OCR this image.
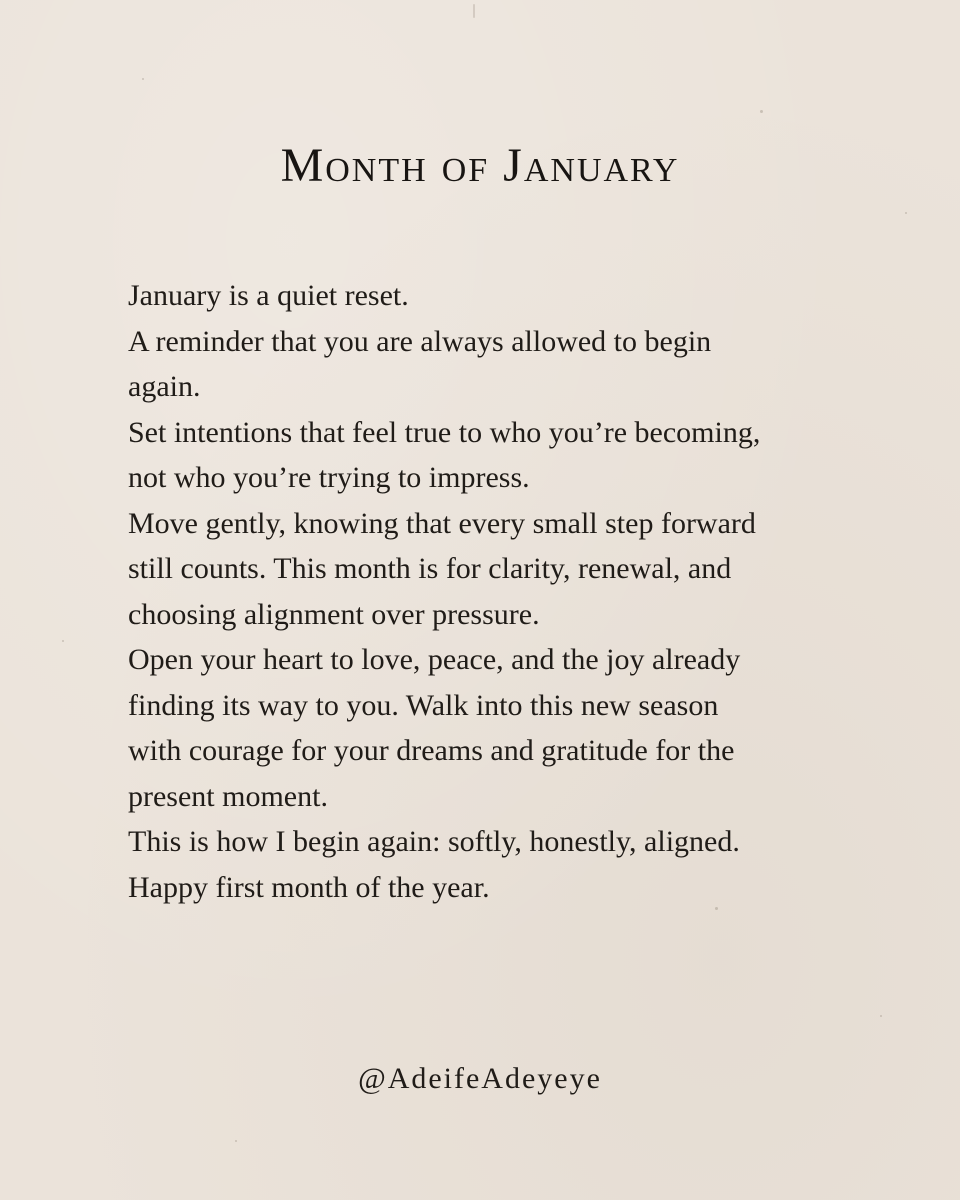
Month of January
January is a quiet reset.
A reminder that you are always allowed to begin
again.
Set intentions that feel true to who you’re becoming,
not who you’re trying to impress.
Move gently, knowing that every small step forward
still counts. This month is for clarity, renewal, and
choosing alignment over pressure.
Open your heart to love, peace, and the joy already
finding its way to you. Walk into this new season
with courage for your dreams and gratitude for the
present moment.
This is how I begin again: softly, honestly, aligned.
Happy first month of the year.

@AdeifeAdeyeye
